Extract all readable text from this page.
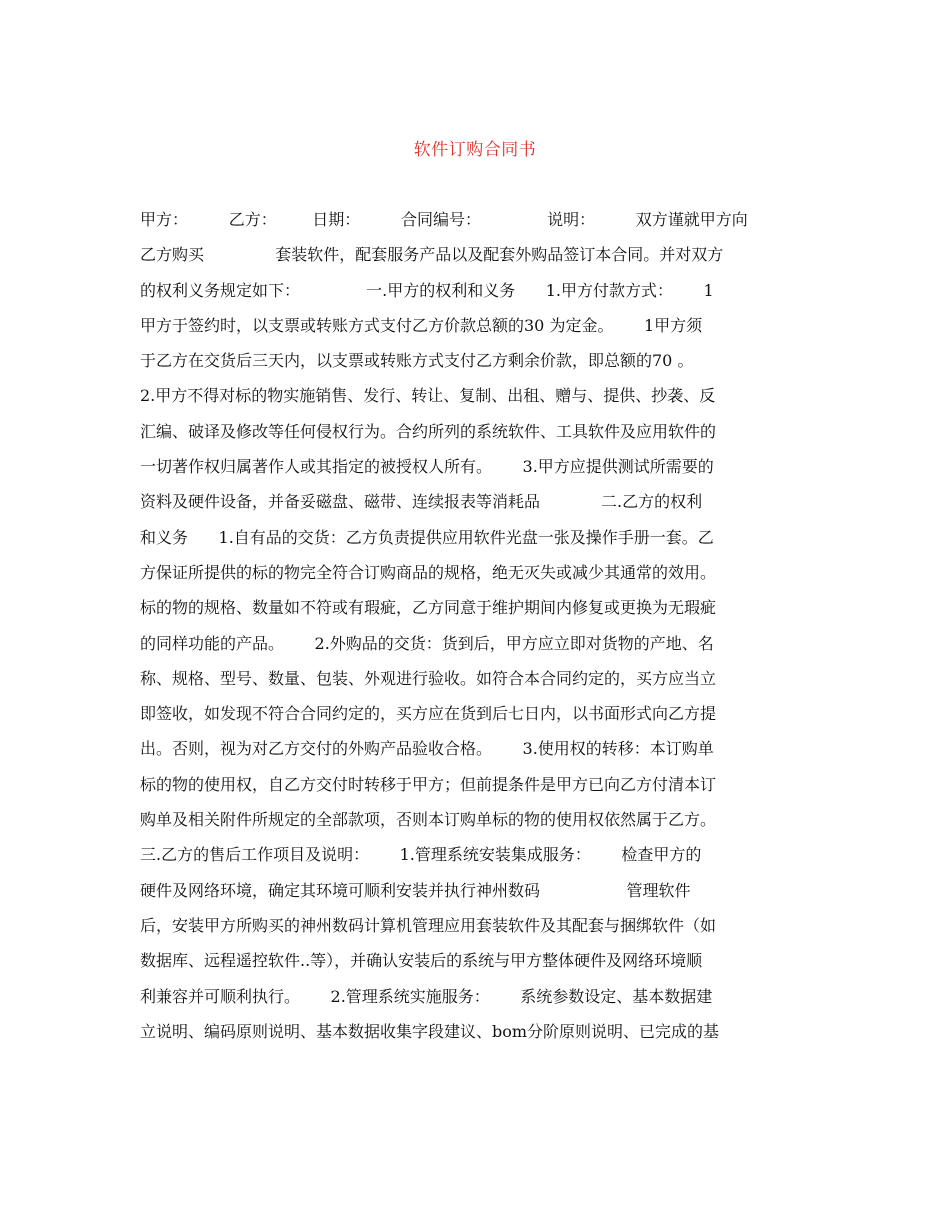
软件订购合同书
甲方：        乙方：       日期：        合同编号：             说明：        双方谨就甲方向
乙方购买              套装软件，配套服务产品以及配套外购品签订本合同。并对双方
的权利义务规定如下：             一.甲方的权利和义务      1.甲方付款方式：      1
甲方于签约时，以支票或转账方式支付乙方价款总额的30 为定金。      1甲方须
于乙方在交货后三天内，以支票或转账方式支付乙方剩余价款，即总额的70 。
2.甲方不得对标的物实施销售、发行、转让、复制、出租、赠与、提供、抄袭、反
汇编、破译及修改等任何侵权行为。合约所列的系统软件、工具软件及应用软件的
一切著作权归属著作人或其指定的被授权人所有。      3.甲方应提供测试所需要的
资料及硬件设备，并备妥磁盘、磁带、连续报表等消耗品            二.乙方的权利
和义务      1.自有品的交货：乙方负责提供应用软件光盘一张及操作手册一套。乙
方保证所提供的标的物完全符合订购商品的规格，绝无灭失或减少其通常的效用。
标的物的规格、数量如不符或有瑕疵，乙方同意于维护期间内修复或更换为无瑕疵
的同样功能的产品。      2.外购品的交货：货到后，甲方应立即对货物的产地、名
称、规格、型号、数量、包装、外观进行验收。如符合本合同约定的，买方应当立
即签收，如发现不符合合同约定的，买方应在货到后七日内，以书面形式向乙方提
出。否则，视为对乙方交付的外购产品验收合格。      3.使用权的转移：本订购单
标的物的使用权，自乙方交付时转移于甲方；但前提条件是甲方已向乙方付清本订
购单及相关附件所规定的全部款项，否则本订购单标的物的使用权依然属于乙方。
三.乙方的售后工作项目及说明：      1.管理系统安装集成服务：      检查甲方的
硬件及网络环境，确定其环境可顺利安装并执行神州数码                 管理软件
后，安装甲方所购买的神州数码计算机管理应用套装软件及其配套与捆绑软件（如
数据库、远程遥控软件..等），并确认安装后的系统与甲方整体硬件及网络环境顺
利兼容并可顺利执行。      2.管理系统实施服务：      系统参数设定、基本数据建
立说明、编码原则说明、基本数据收集字段建议、bom分阶原则说明、已完成的基
